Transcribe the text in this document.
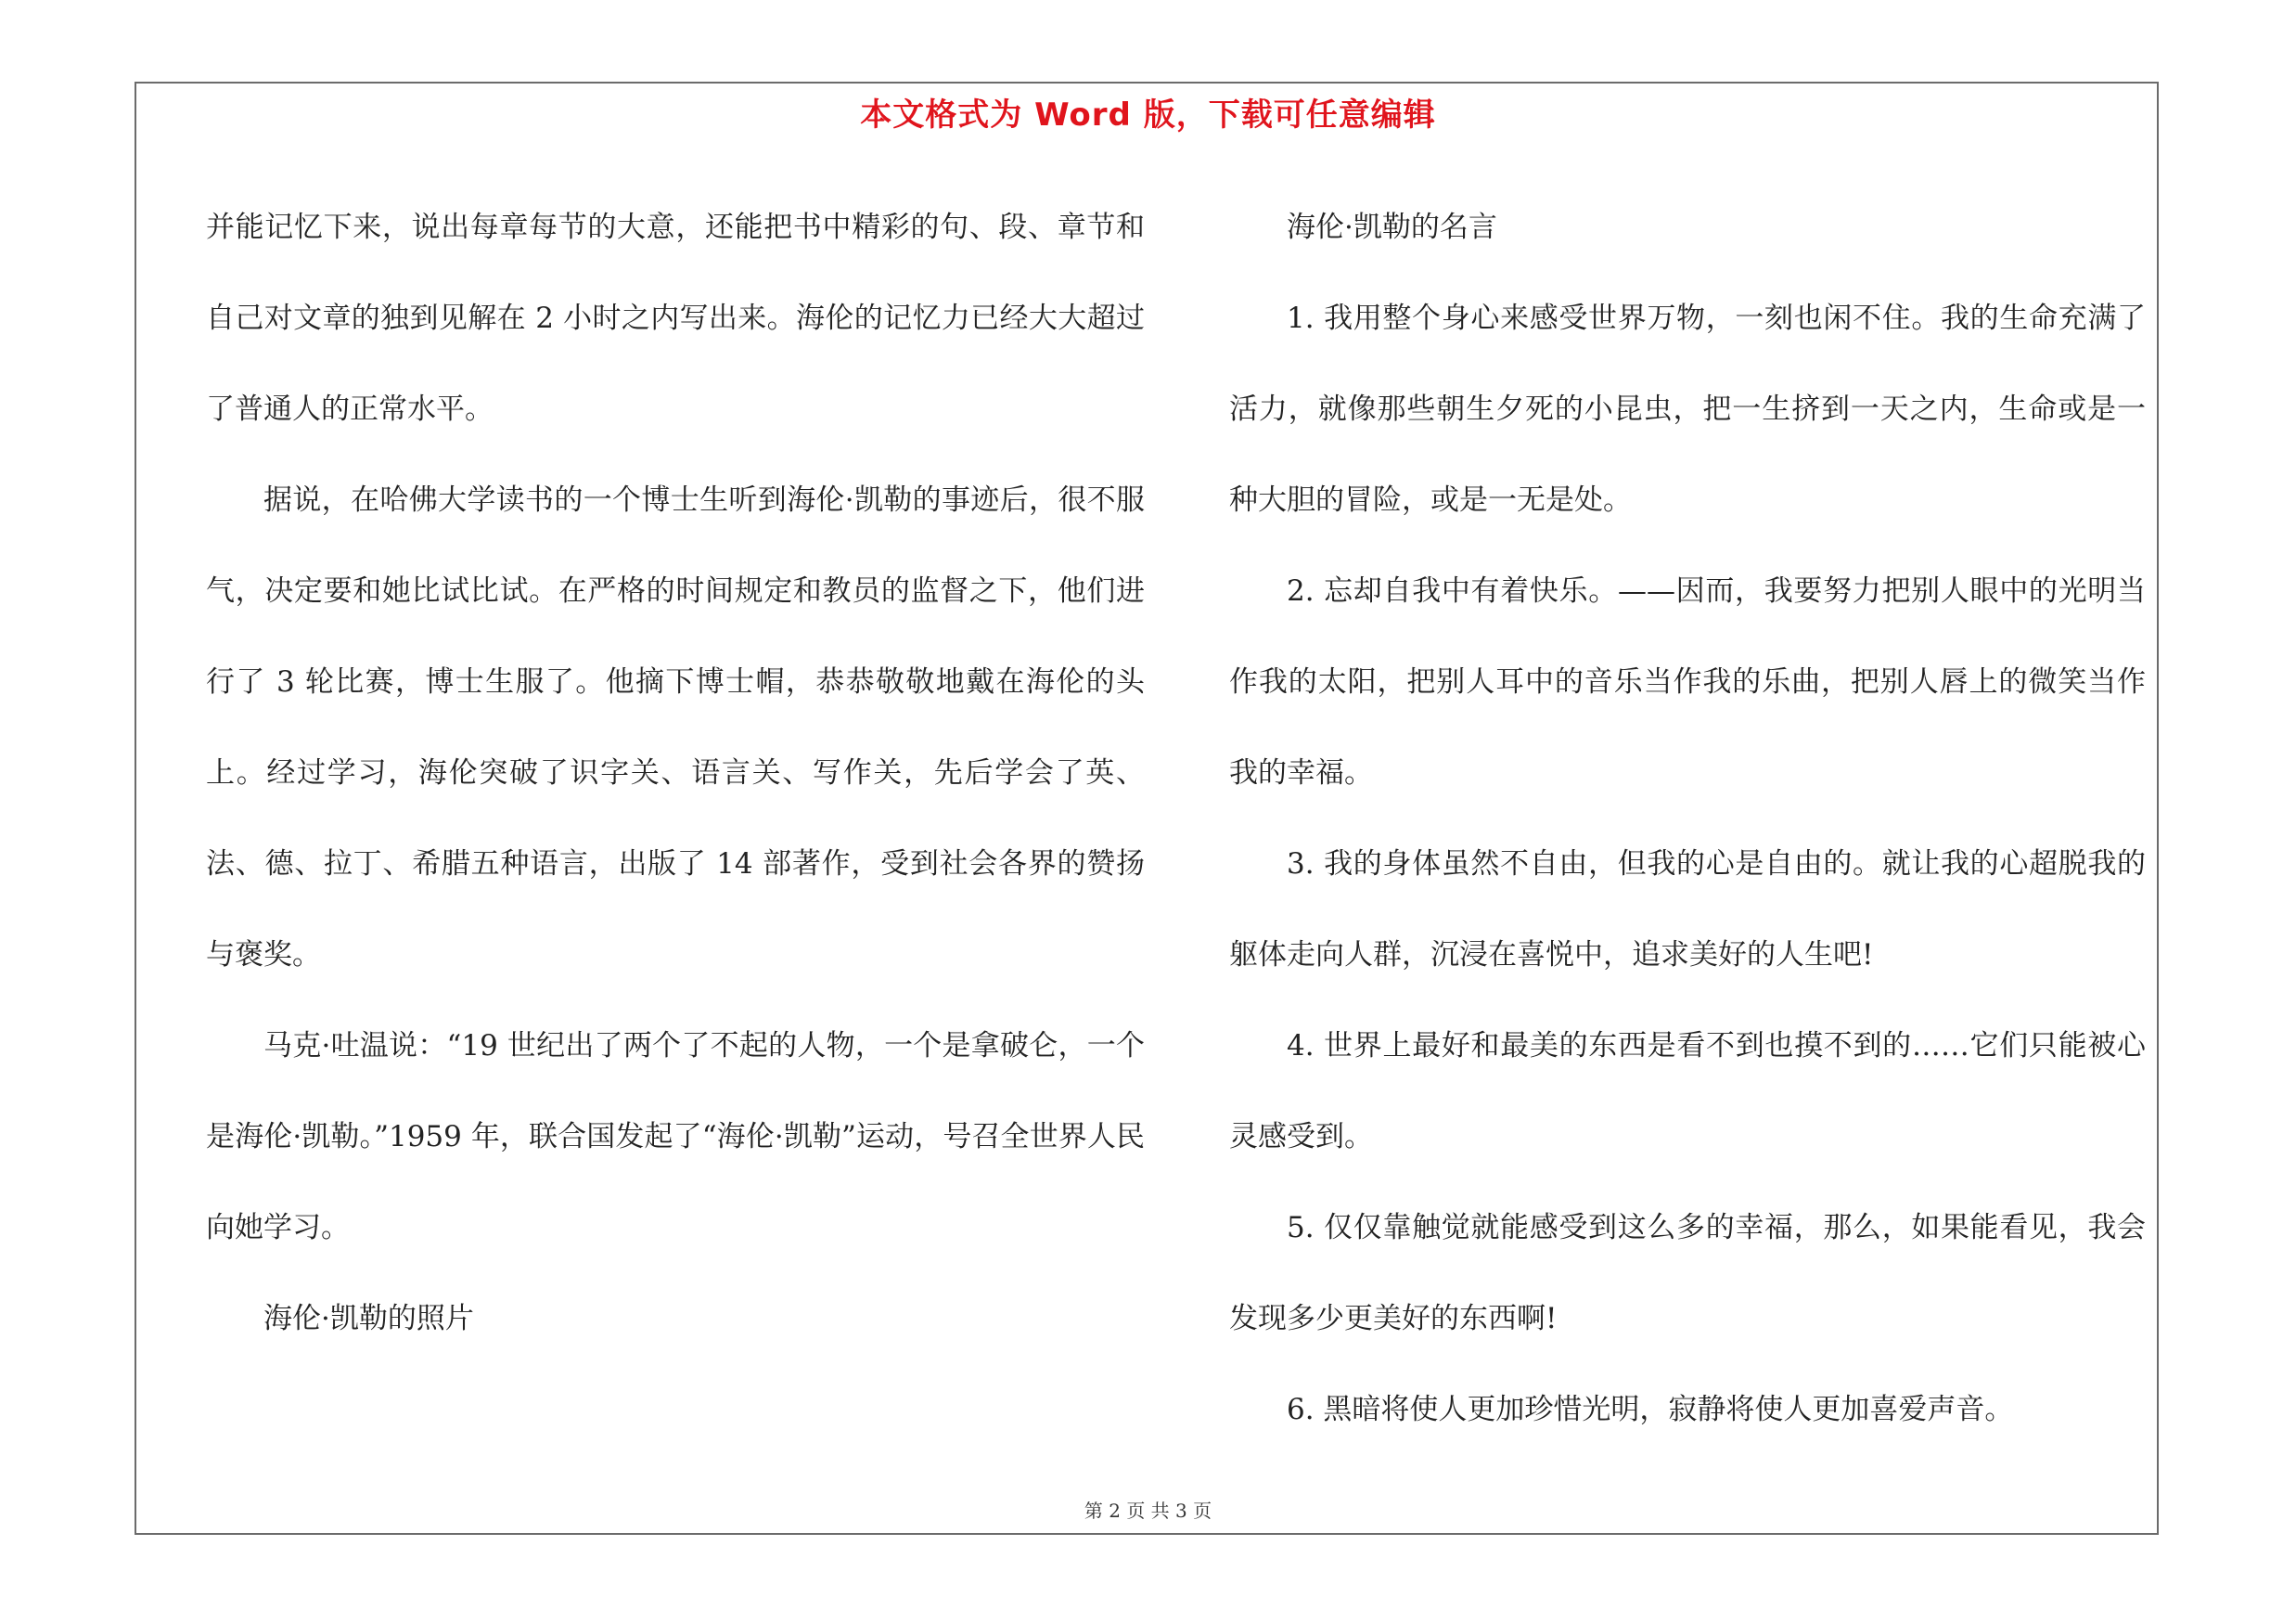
本文格式为 Word 版，下载可任意编辑

并能记忆下来，说出每章每节的大意，还能把书中精彩的句、段、章节和自己对文章的独到见解在 2 小时之内写出来。海伦的记忆力已经大大超过了普通人的正常水平。

据说，在哈佛大学读书的一个博士生听到海伦·凯勒的事迹后，很不服气，决定要和她比试比试。在严格的时间规定和教员的监督之下，他们进行了 3 轮比赛，博士生服了。他摘下博士帽，恭恭敬敬地戴在海伦的头上。经过学习，海伦突破了识字关、语言关、写作关，先后学会了英、法、德、拉丁、希腊五种语言，出版了 14 部著作，受到社会各界的赞扬与褒奖。

马克·吐温说：“19 世纪出了两个了不起的人物，一个是拿破仑，一个是海伦·凯勒。”1959 年，联合国发起了“海伦·凯勒”运动，号召全世界人民向她学习。

海伦·凯勒的照片

海伦·凯勒的名言

1. 我用整个身心来感受世界万物，一刻也闲不住。我的生命充满了活力，就像那些朝生夕死的小昆虫，把一生挤到一天之内，生命或是一种大胆的冒险，或是一无是处。

2. 忘却自我中有着快乐。——因而，我要努力把别人眼中的光明当作我的太阳，把别人耳中的音乐当作我的乐曲，把别人唇上的微笑当作我的幸福。

3. 我的身体虽然不自由，但我的心是自由的。就让我的心超脱我的躯体走向人群，沉浸在喜悦中，追求美好的人生吧!

4. 世界上最好和最美的东西是看不到也摸不到的……它们只能被心灵感受到。

5. 仅仅靠触觉就能感受到这么多的幸福，那么，如果能看见，我会发现多少更美好的东西啊!

6. 黑暗将使人更加珍惜光明，寂静将使人更加喜爱声音。

第 2 页 共 3 页
